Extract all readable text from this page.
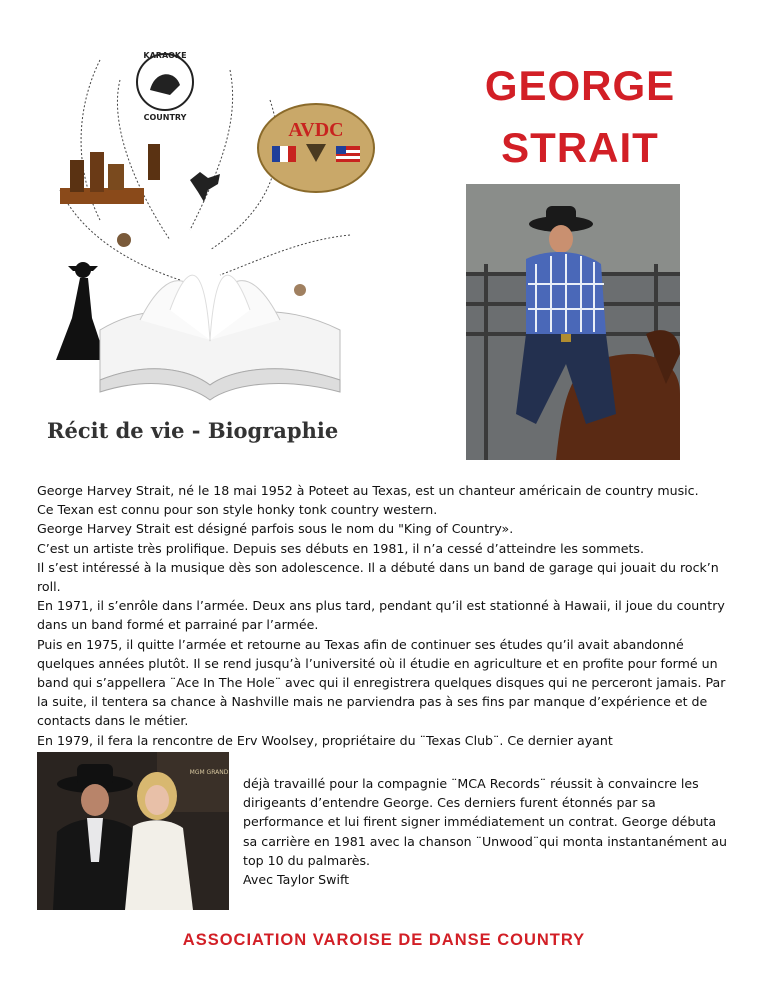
KARAOKE
COUNTRY
AVDC
GEORGE
STRAIT
Récit de vie - Biographie

George Harvey Strait, né le 18 mai 1952 à Poteet au Texas, est un chanteur américain de country music.

Ce Texan est connu pour son style honky tonk country western.

George Harvey Strait est désigné parfois sous le nom du "King of Country».

C’est un artiste très prolifique. Depuis ses débuts en 1981, il n’a cessé d’atteindre les sommets.

Il s’est intéressé à la musique dès son adolescence. Il a débuté dans un band de garage qui jouait du rock’n roll.

En 1971, il s’enrôle dans l’armée. Deux ans plus tard, pendant qu’il est stationné à Hawaii, il joue du country dans un band formé et parrainé par l’armée.

Puis en 1975, il quitte l’armée et retourne au Texas afin de continuer ses études qu’il avait abandonné quelques années plutôt. Il se rend jusqu’à l’université où il étudie en agriculture et en profite pour formé un band qui s’appellera ¨Ace In The Hole¨ avec qui il enregistrera quelques disques qui ne perceront jamais. Par la suite, il tentera sa chance à Nashville mais ne parviendra pas à ses fins par manque d’expérience et de contacts dans le métier.

En 1979, il fera la rencontre de Erv Woolsey, propriétaire du ¨Texas Club¨. Ce dernier ayant

MGM GRAND

déjà travaillé pour la compagnie ¨MCA Records¨ réussit à convaincre les dirigeants d’entendre George. Ces derniers furent étonnés par sa performance et lui firent signer immédiatement un contrat. George débuta sa carrière en 1981 avec la chanson ¨Unwood¨qui monta instantanément au top 10 du palmarès.

Avec Taylor Swift

ASSOCIATION VAROISE DE DANSE COUNTRY
